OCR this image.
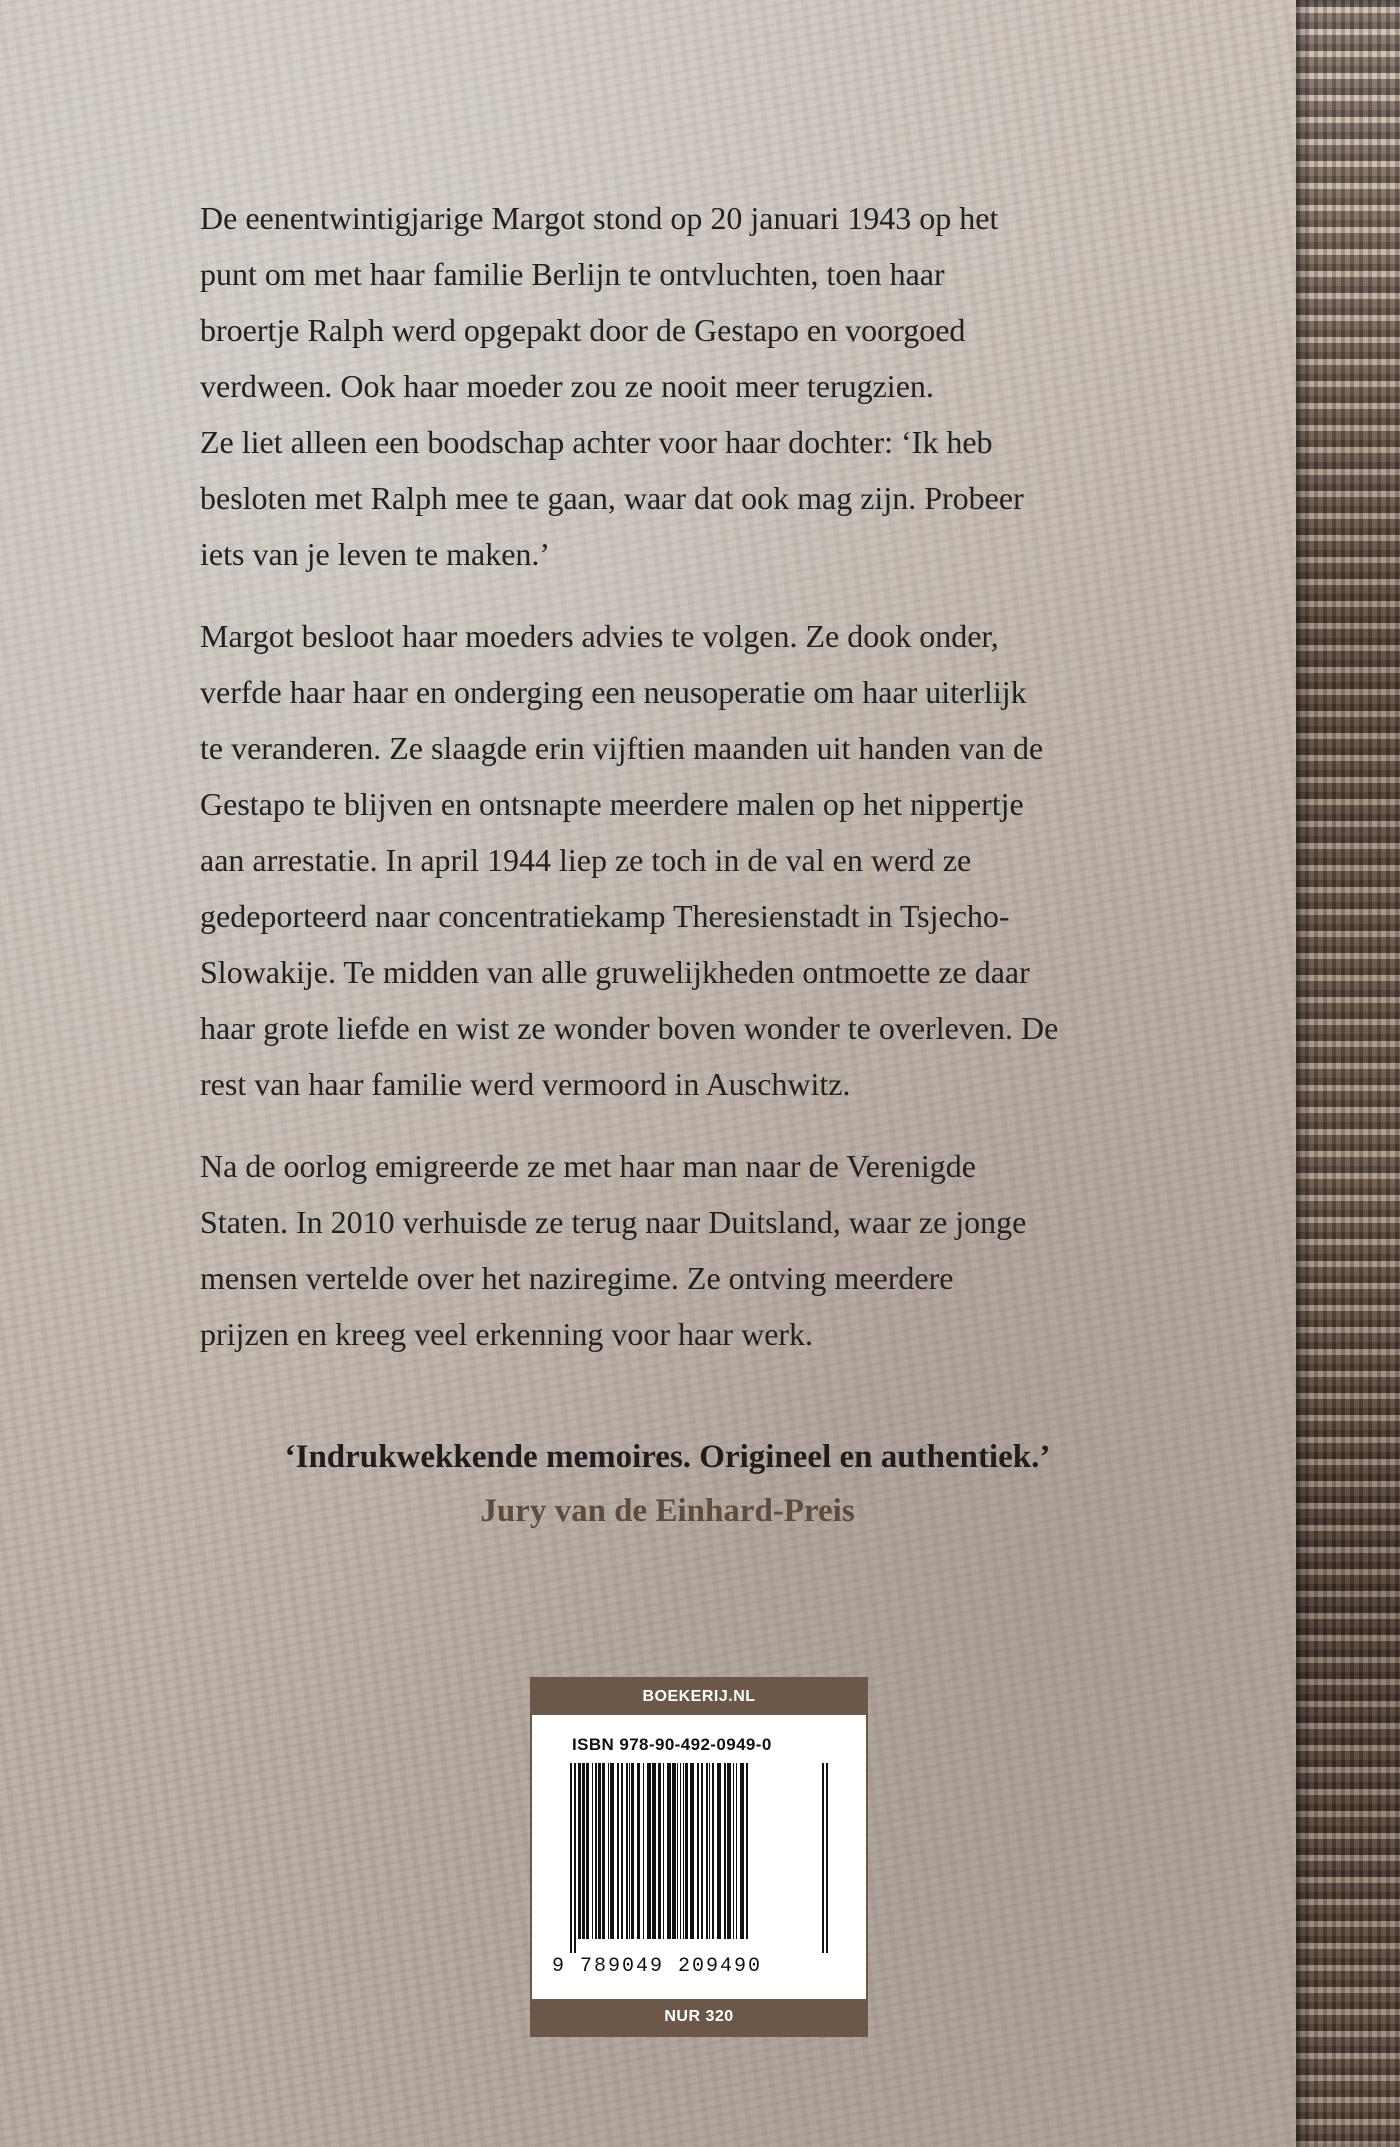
De eenentwintigjarige Margot stond op 20 januari 1943 op het
punt om met haar familie Berlijn te ontvluchten, toen haar
broertje Ralph werd opgepakt door de Gestapo en voorgoed
verdween. Ook haar moeder zou ze nooit meer terugzien.
Ze liet alleen een boodschap achter voor haar dochter: ‘Ik heb
besloten met Ralph mee te gaan, waar dat ook mag zijn. Probeer
iets van je leven te maken.’

Margot besloot haar moeders advies te volgen. Ze dook onder,
verfde haar haar en onderging een neusoperatie om haar uiterlijk
te veranderen. Ze slaagde erin vijftien maanden uit handen van de
Gestapo te blijven en ontsnapte meerdere malen op het nippertje
aan arrestatie. In april 1944 liep ze toch in de val en werd ze
gedeporteerd naar concentratiekamp Theresienstadt in Tsjecho-
Slowakije. Te midden van alle gruwelijkheden ontmoette ze daar
haar grote liefde en wist ze wonder boven wonder te overleven. De
rest van haar familie werd vermoord in Auschwitz.

Na de oorlog emigreerde ze met haar man naar de Verenigde
Staten. In 2010 verhuisde ze terug naar Duitsland, waar ze jonge
mensen vertelde over het naziregime. Ze ontving meerdere
prijzen en kreeg veel erkenning voor haar werk.

‘Indrukwekkende memoires. Origineel en authentiek.’
Jury van de Einhard-Preis
BOEKERIJ.NL
ISBN 978-90-492-0949-0
9 789049 209490
NUR 320
